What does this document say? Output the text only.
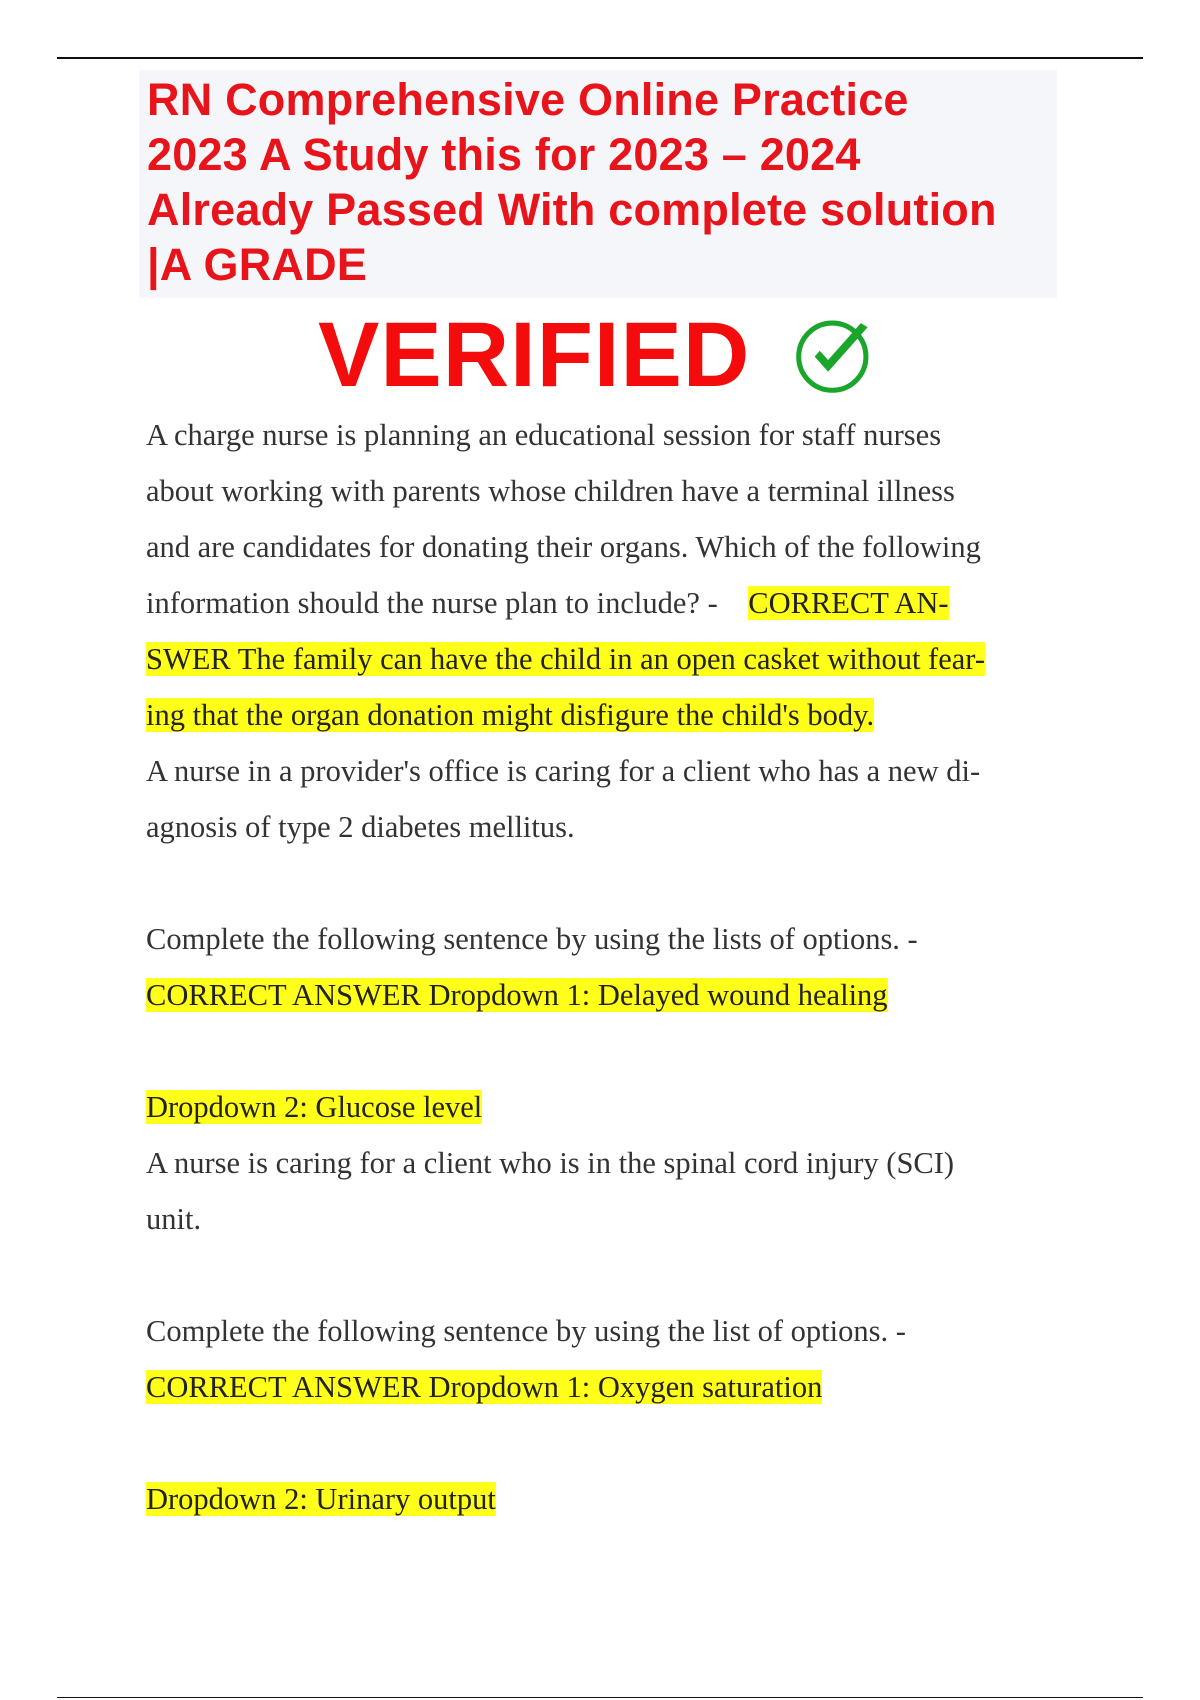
RN Comprehensive Online Practice
2023 A Study this for 2023 – 2024
Already Passed With complete solution
|A GRADE
VERIFIED

A charge nurse is planning an educational session for staff nurses

about working with parents whose children have a terminal illness

and are candidates for donating their organs. Which of the following

information should the nurse plan to include? -    CORRECT AN-

SWER The family can have the child in an open casket without fear-

ing that the organ donation might disfigure the child's body.

A nurse in a provider's office is caring for a client who has a new di-

agnosis of type 2 diabetes mellitus.

Complete the following sentence by using the lists of options. -

CORRECT ANSWER Dropdown 1: Delayed wound healing

Dropdown 2: Glucose level

A nurse is caring for a client who is in the spinal cord injury (SCI)

unit.

Complete the following sentence by using the list of options. -

CORRECT ANSWER Dropdown 1: Oxygen saturation

Dropdown 2: Urinary output
